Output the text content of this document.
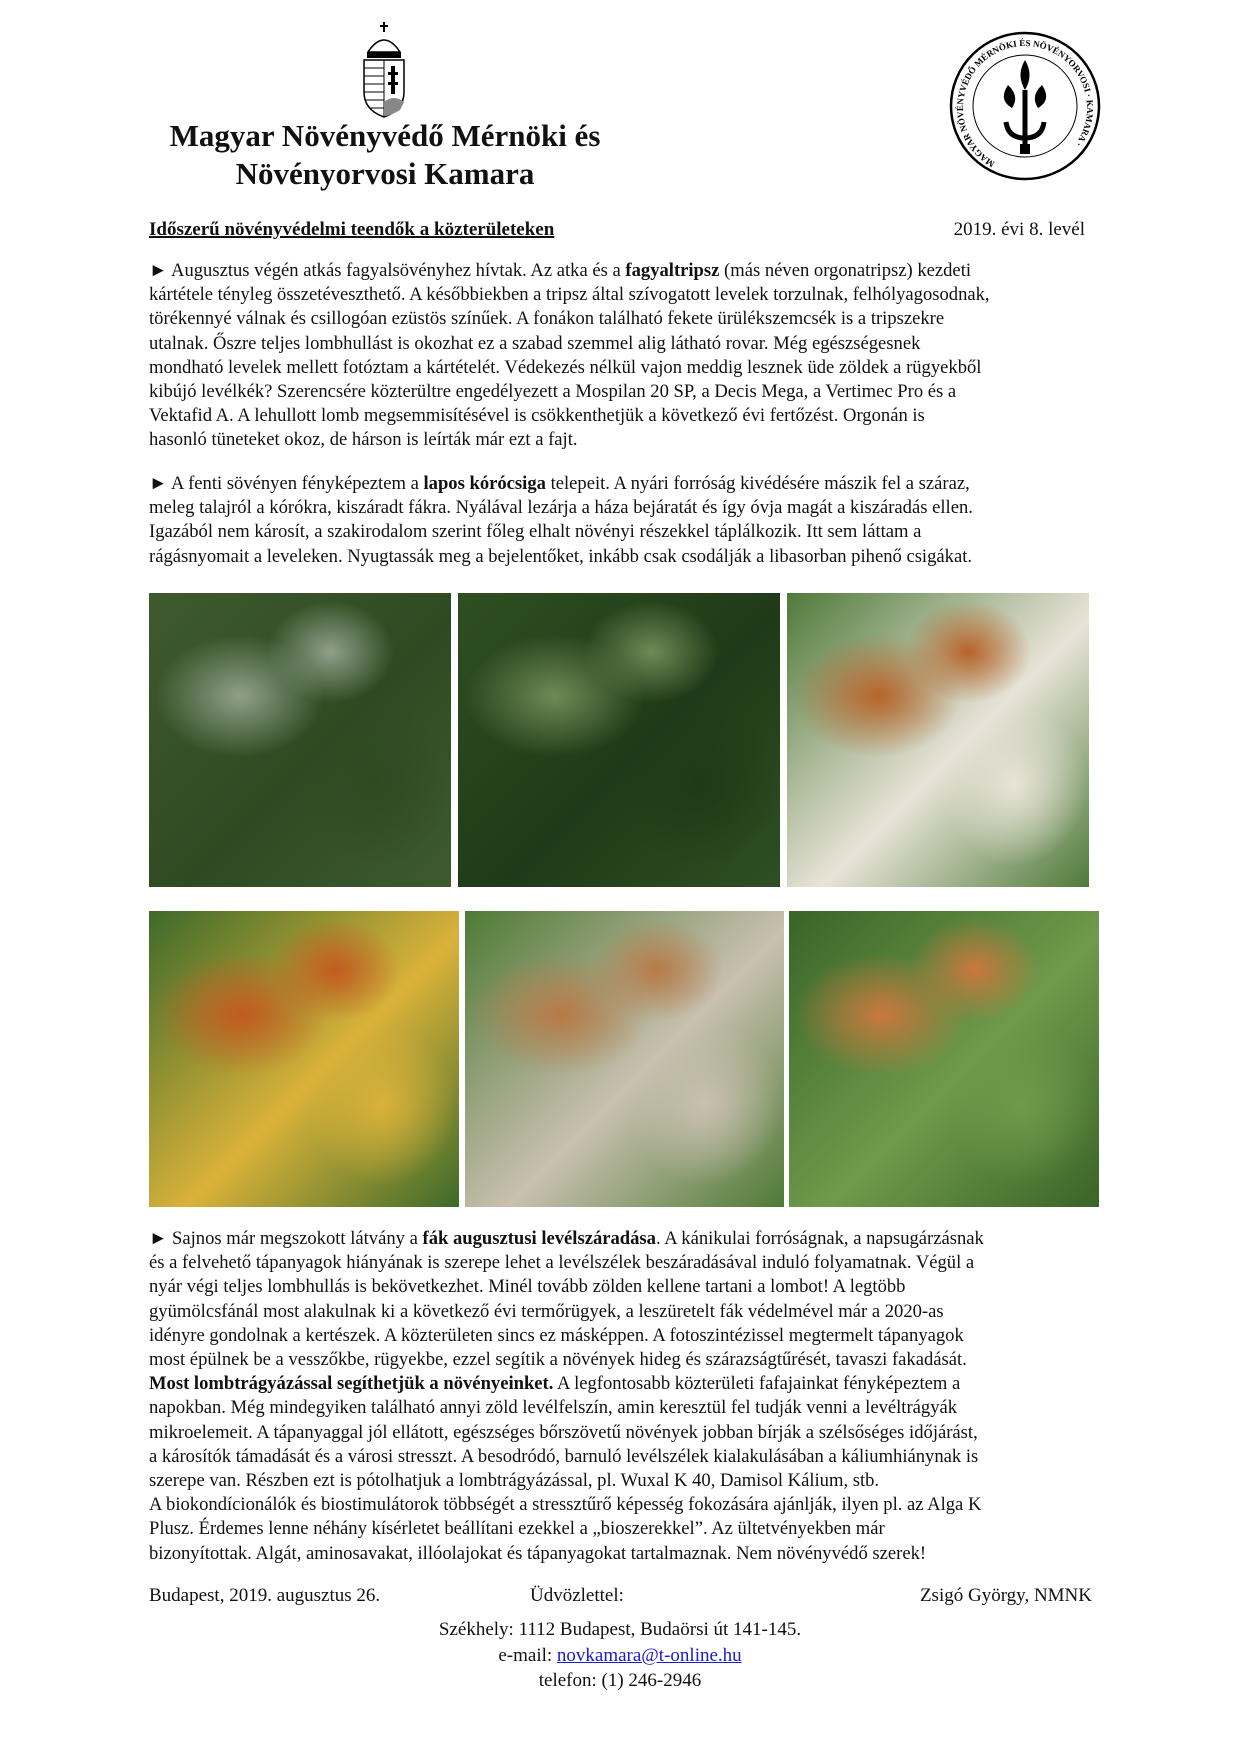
Magyar Növényvédő Mérnöki és
Növényorvosi Kamara	MAGYAR NÖVÉNYVÉDŐ MÉRNÖKI ÉS NÖVÉNYORVOSI · KAMARA ·
Időszerű növényvédelmi teendők a közterületeken	2019. évi 8. levél
► Augusztus végén atkás fagyalsövényhez hívtak. Az atka és a fagyaltripsz (más néven orgonatripsz) kezdeti
kártétele tényleg összetéveszthető. A későbbiekben a tripsz által szívogatott levelek torzulnak, felhólyagosodnak,
törékennyé válnak és csillogóan ezüstös színűek. A fonákon található fekete ürülékszemcsék is a tripszekre
utalnak. Őszre teljes lombhullást is okozhat ez a szabad szemmel alig látható rovar. Még egészségesnek
mondható levelek mellett fotóztam a kártételét. Védekezés nélkül vajon meddig lesznek üde zöldek a rügyekből
kibújó levélkék? Szerencsére közterültre engedélyezett a Mospilan 20 SP, a Decis Mega, a Vertimec Pro és a
Vektafid A. A lehullott lomb megsemmisítésével is csökkenthetjük a következő évi fertőzést. Orgonán is
hasonló tüneteket okoz, de hárson is leírták már ezt a fajt.
► A fenti sövényen fényképeztem a lapos kórócsiga telepeit. A nyári forróság kivédésére mászik fel a száraz,
meleg talajról a kórókra, kiszáradt fákra. Nyálával lezárja a háza bejáratát és így óvja magát a kiszáradás ellen.
Igazából nem károsít, a szakirodalom szerint főleg elhalt növényi részekkel táplálkozik. Itt sem láttam a
rágásnyomait a leveleken. Nyugtassák meg a bejelentőket, inkább csak csodálják a libasorban pihenő csigákat.
► Sajnos már megszokott látvány a fák augusztusi levélszáradása. A kánikulai forróságnak, a napsugárzásnak
és a felvehető tápanyagok hiányának is szerepe lehet a levélszélek beszáradásával induló folyamatnak. Végül a
nyár végi teljes lombhullás is bekövetkezhet. Minél tovább zölden kellene tartani a lombot! A legtöbb
gyümölcsfánál most alakulnak ki a következő évi termőrügyek, a leszüretelt fák védelmével már a 2020-as
idényre gondolnak a kertészek. A közterületen sincs ez másképpen. A fotoszintézissel megtermelt tápanyagok
most épülnek be a vesszőkbe, rügyekbe, ezzel segítik a növények hideg és szárazságtűrését, tavaszi fakadását.
Most lombtrágyázással segíthetjük a növényeinket. A legfontosabb közterületi fafajainkat fényképeztem a
napokban. Még mindegyiken található annyi zöld levélfelszín, amin keresztül fel tudják venni a levéltrágyák
mikroelemeit. A tápanyaggal jól ellátott, egészséges bőrszövetű növények jobban bírják a szélsőséges időjárást,
a károsítók támadását és a városi stresszt. A besodródó, barnuló levélszélek kialakulásában a káliumhiánynak is
szerepe van. Részben ezt is pótolhatjuk a lombtrágyázással, pl. Wuxal K 40, Damisol Kálium, stb.
A biokondícionálók és biostimulátorok többségét a stressztűrő képesség fokozására ajánlják, ilyen pl. az Alga K
Plusz. Érdemes lenne néhány kísérletet beállítani ezekkel a „bioszerekkel”. Az ültetvényekben már
bizonyítottak. Algát, aminosavakat, illóolajokat és tápanyagokat tartalmaznak. Nem növényvédő szerek!
Budapest, 2019. augusztus 26.	Üdvözlettel:	Zsigó György, NMNK
Székhely: 1112 Budapest, Budaörsi út 141-145.
e-mail: novkamara@t-online.hu
telefon: (1) 246-2946
